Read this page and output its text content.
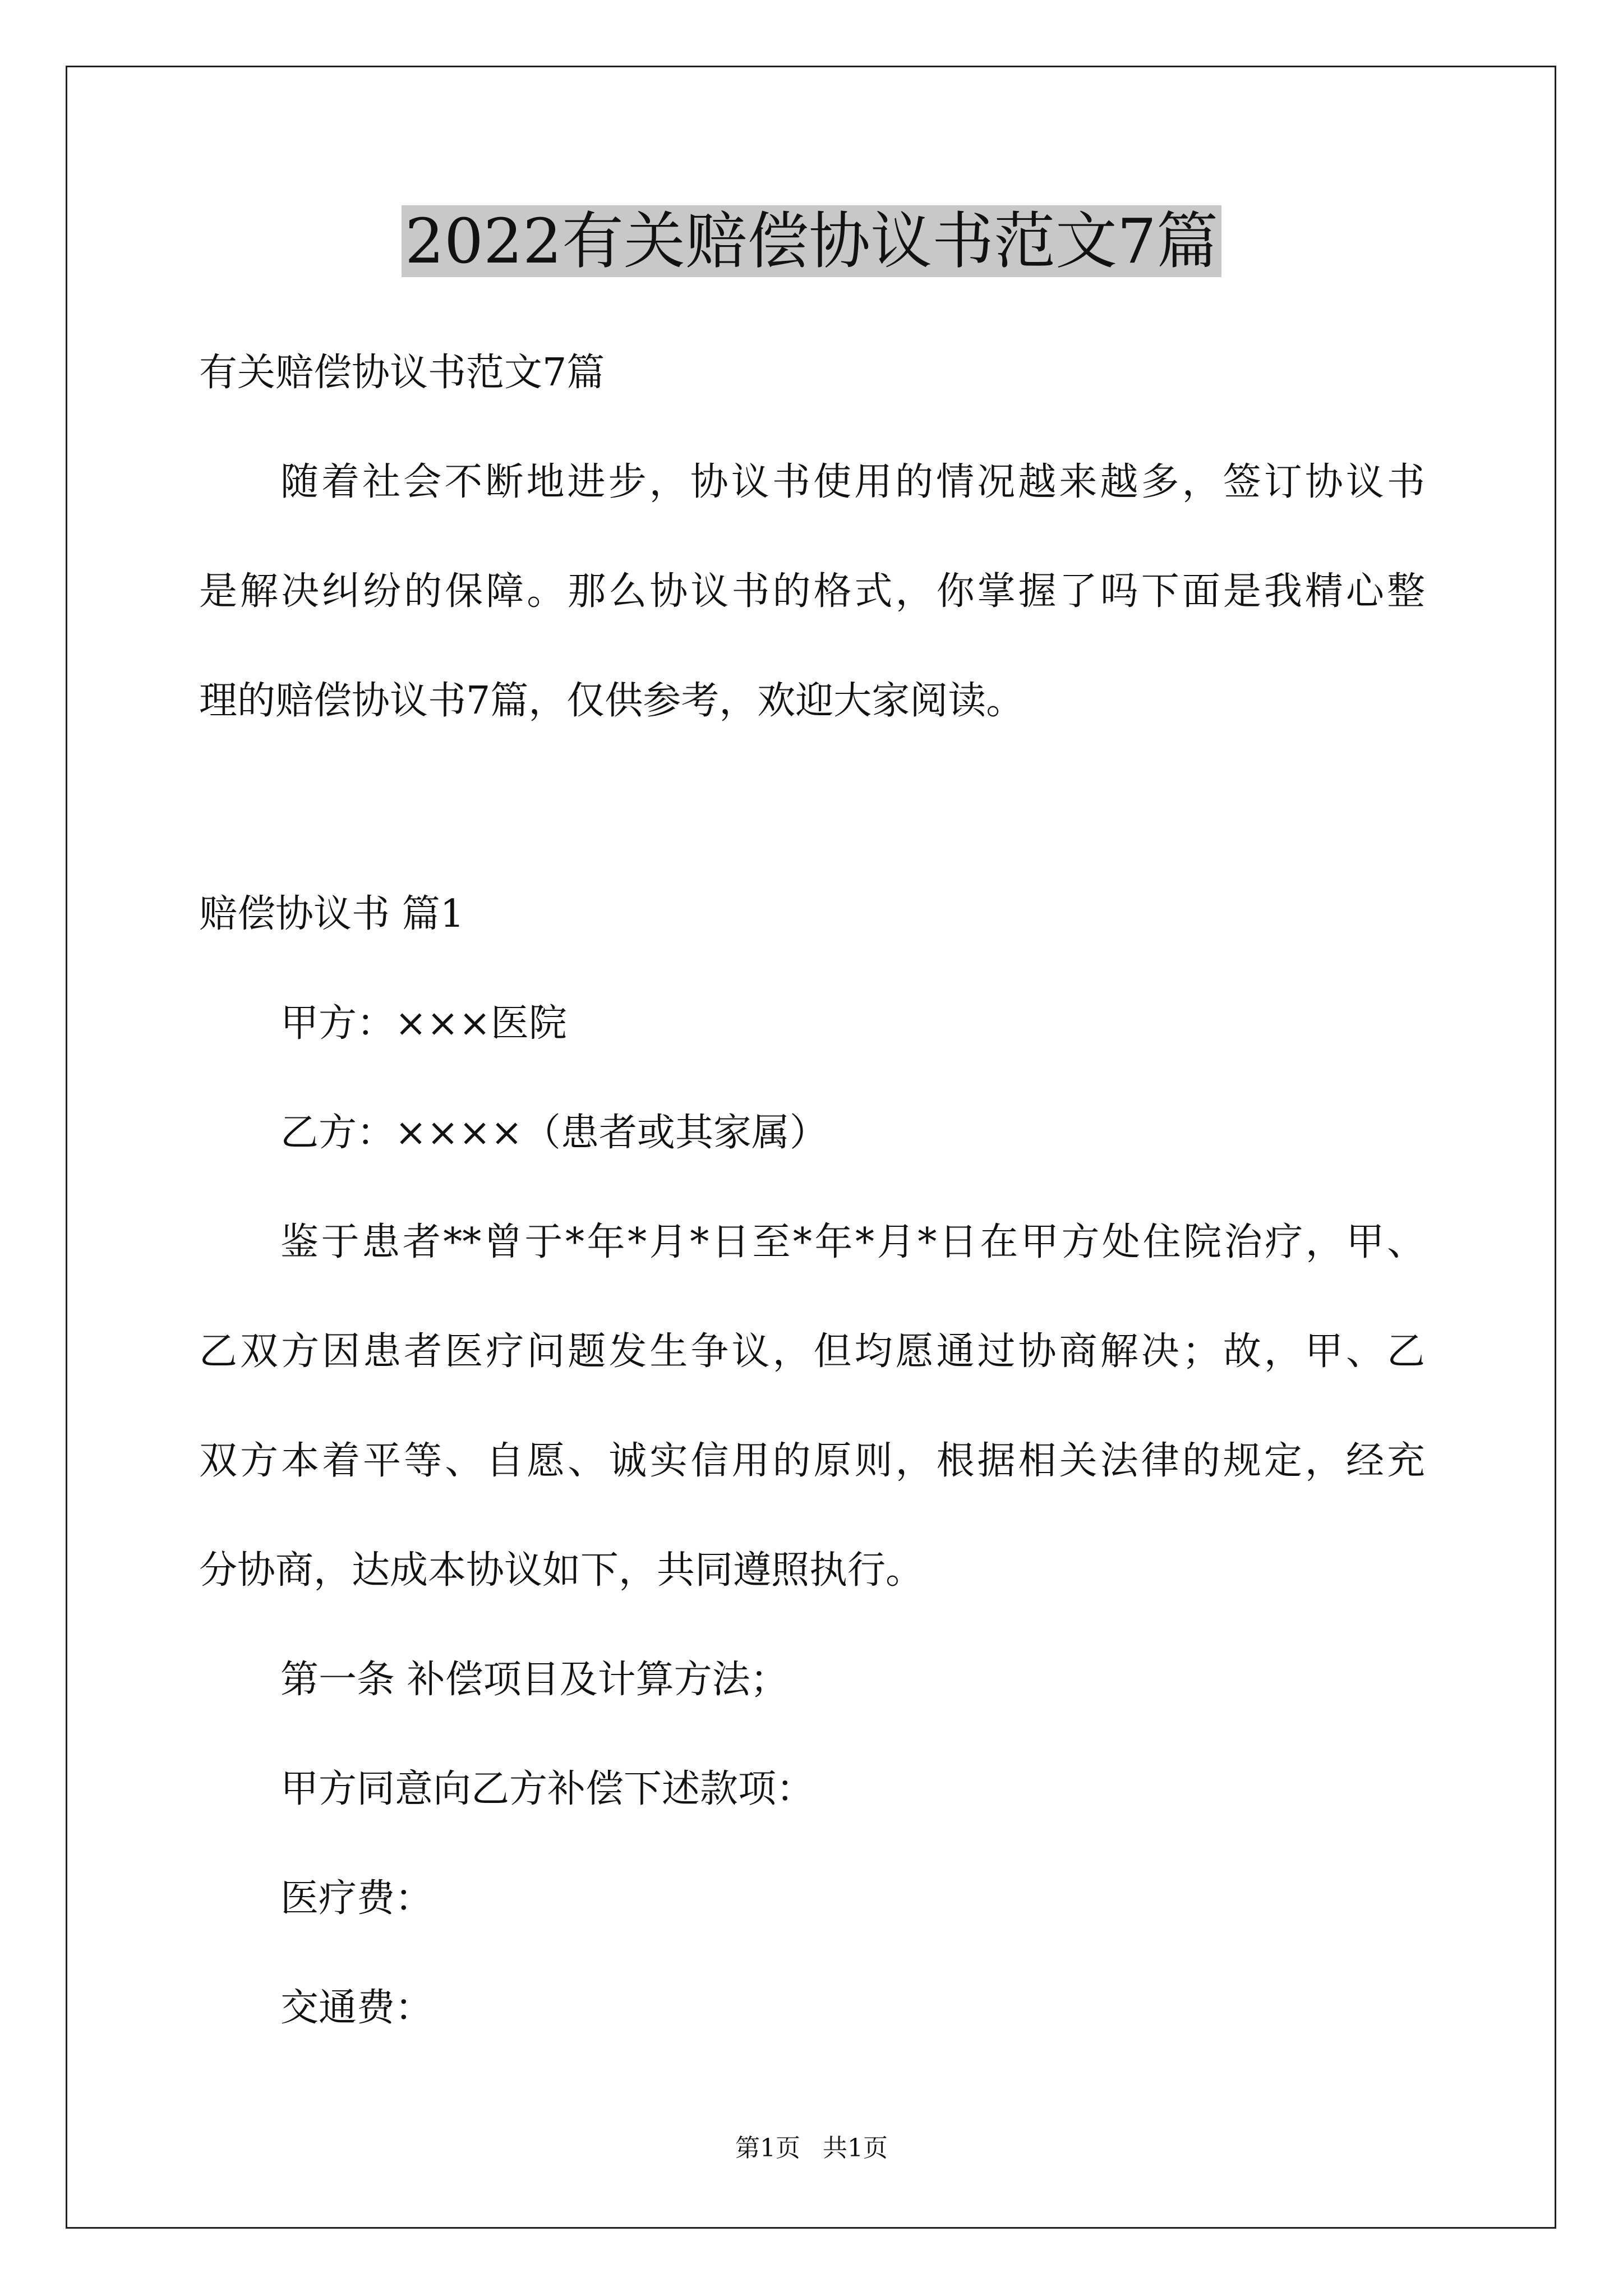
2022有关赔偿协议书范文7篇

有关赔偿协议书范文7篇

随着社会不断地进步，协议书使用的情况越来越多，签订协议书

是解决纠纷的保障。那么协议书的格式，你掌握了吗下面是我精心整

理的赔偿协议书7篇，仅供参考，欢迎大家阅读。

赔偿协议书 篇1

甲方：×××医院

乙方：××××（患者或其家属）

鉴于患者**曾于*年*月*日至*年*月*日在甲方处住院治疗，甲、

乙双方因患者医疗问题发生争议，但均愿通过协商解决；故，甲、乙

双方本着平等、自愿、诚实信用的原则，根据相关法律的规定，经充

分协商，达成本协议如下，共同遵照执行。

第一条 补偿项目及计算方法；

甲方同意向乙方补偿下述款项：

医疗费：

交通费：

第1页 共1页
